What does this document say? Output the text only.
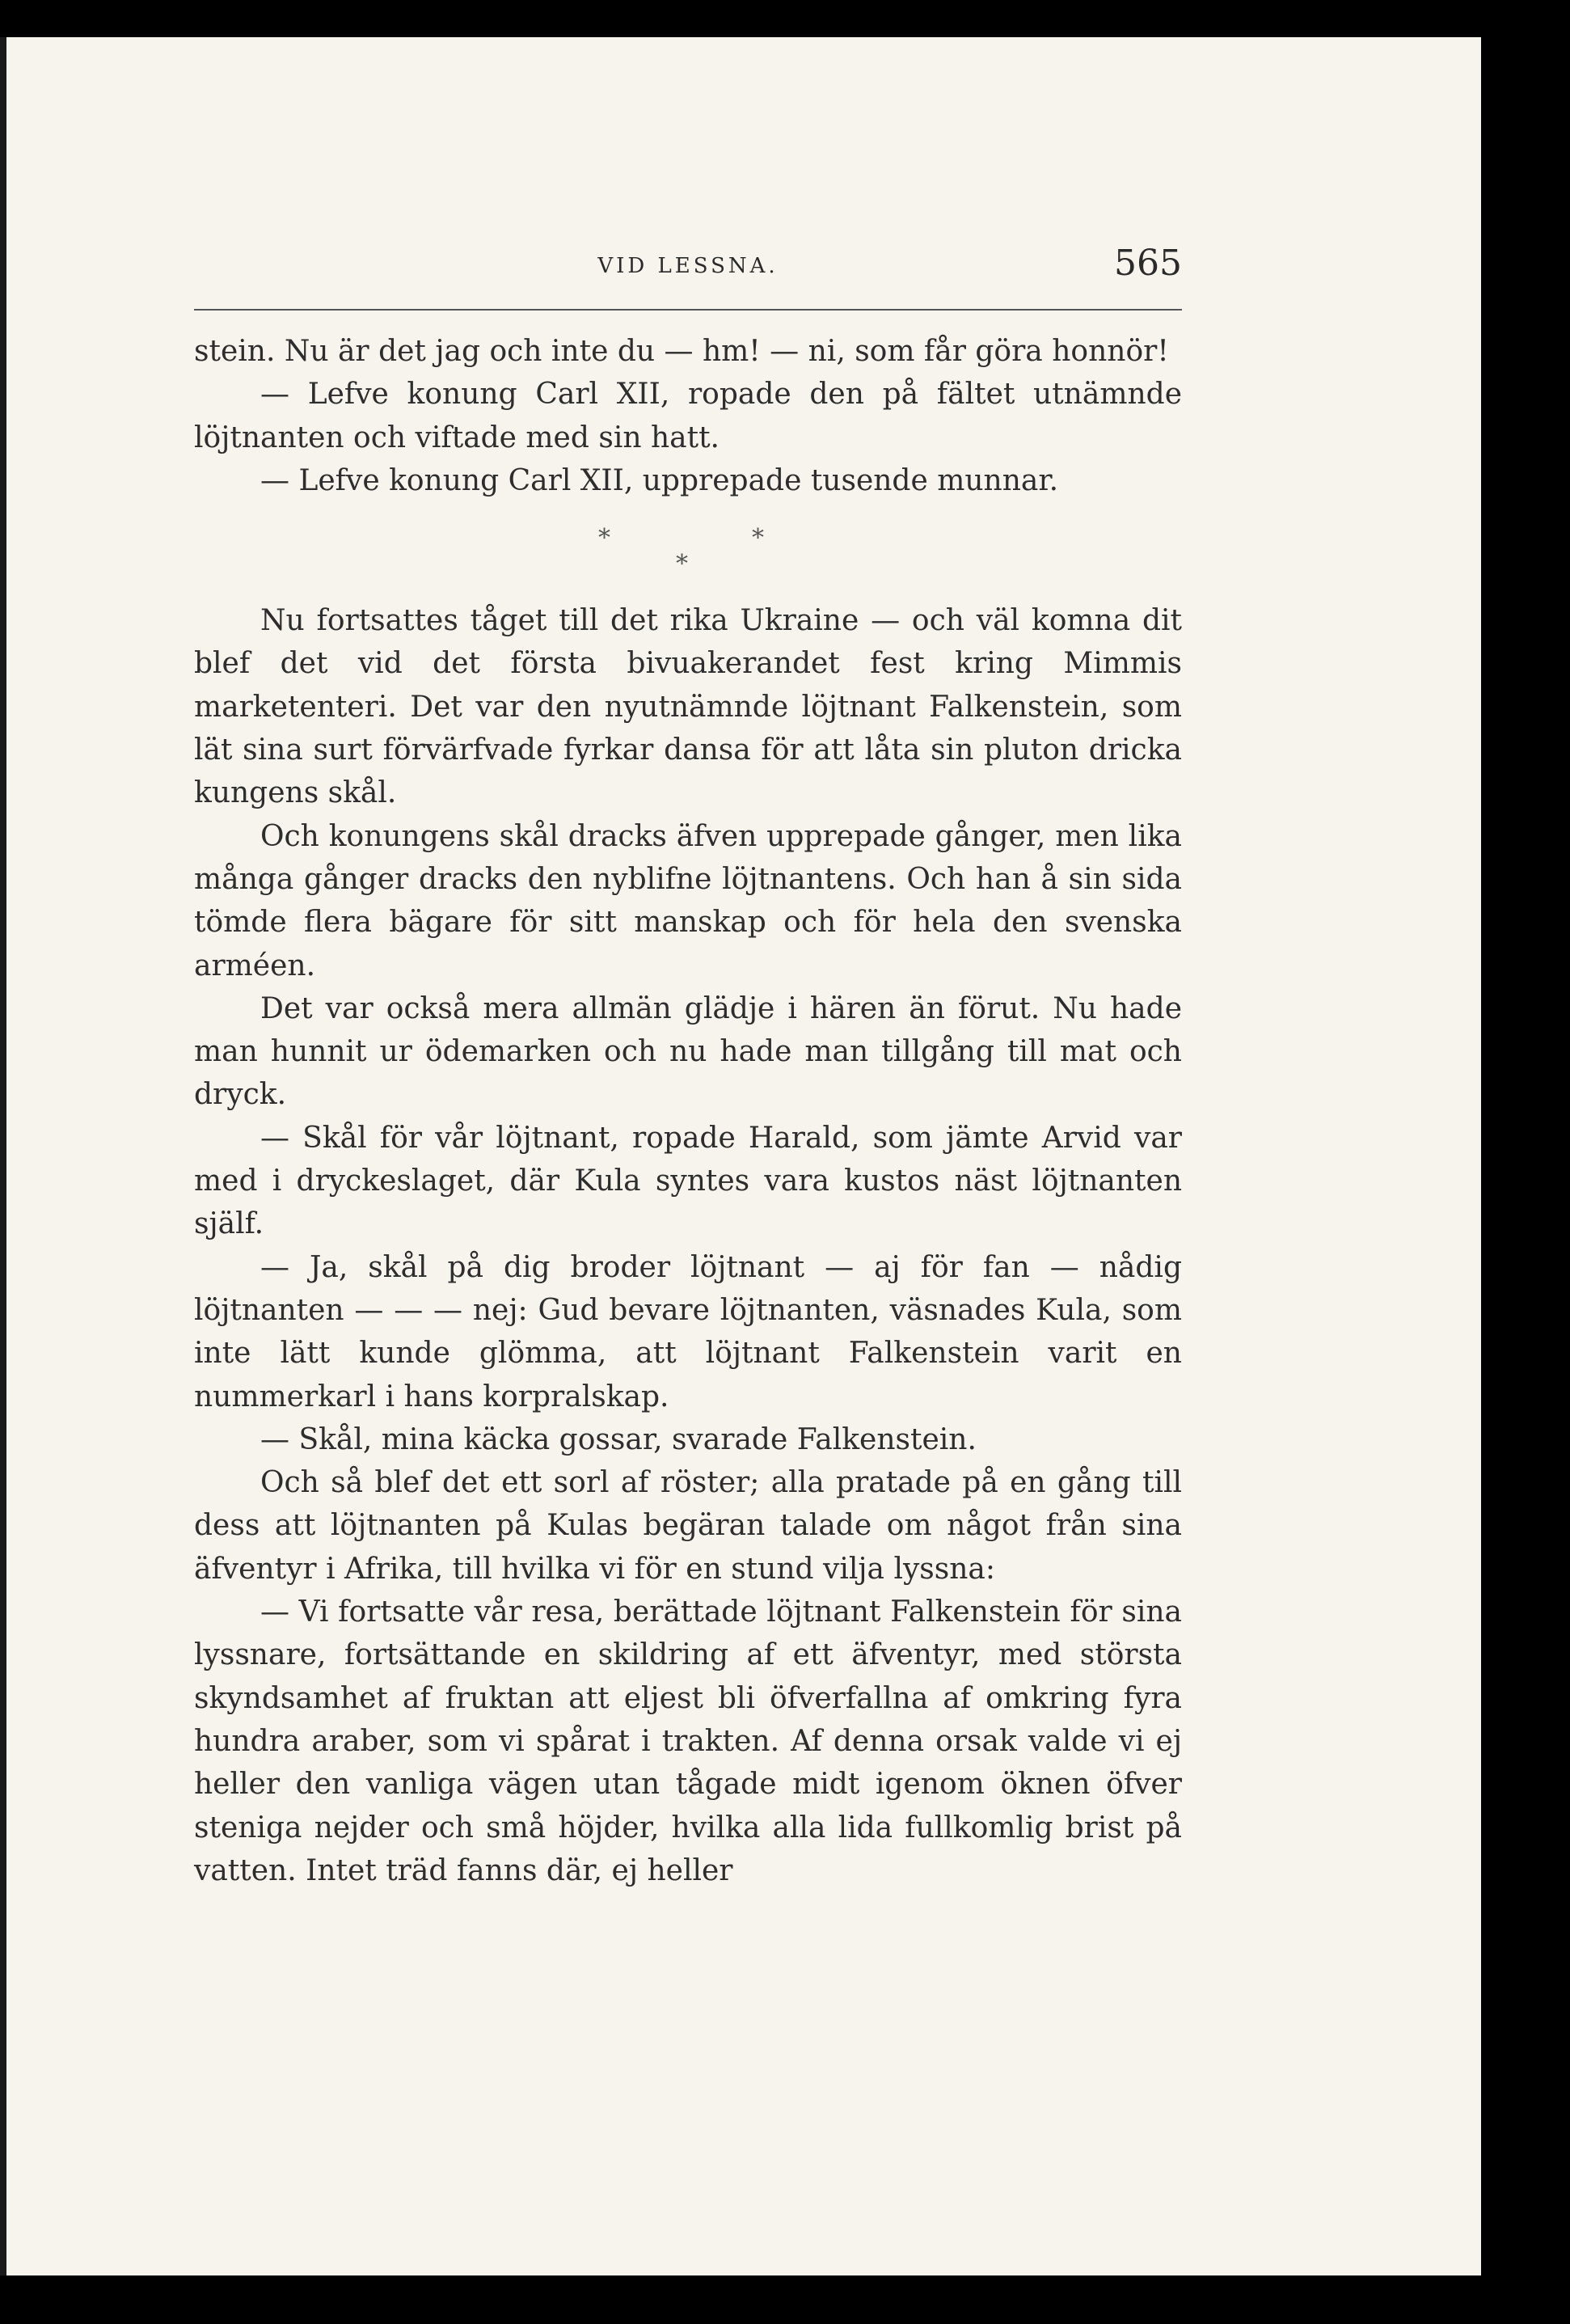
VID LESSNA.	565

stein. Nu är det jag och inte du — hm! — ni, som får göra honnör!

— Lefve konung Carl XII, ropade den på fältet utnämnde löjtnanten och viftade med sin hatt.

— Lefve konung Carl XII, upprepade tusende munnar.

*	*
*

Nu fortsattes tåget till det rika Ukraine — och väl komna dit blef det vid det första bivuakerandet fest kring Mimmis marketenteri. Det var den nyutnämnde löjtnant Falkenstein, som lät sina surt förvärfvade fyrkar dansa för att låta sin pluton dricka kungens skål.

Och konungens skål dracks äfven upprepade gånger, men lika många gånger dracks den nyblifne löjtnantens. Och han å sin sida tömde flera bägare för sitt manskap och för hela den svenska arméen.

Det var också mera allmän glädje i hären än förut. Nu hade man hunnit ur ödemarken och nu hade man tillgång till mat och dryck.

— Skål för vår löjtnant, ropade Harald, som jämte Arvid var med i dryckeslaget, där Kula syntes vara kustos näst löjtnanten själf.

— Ja, skål på dig broder löjtnant — aj för fan — nådig löjtnanten — — — nej: Gud bevare löjtnanten, väsnades Kula, som inte lätt kunde glömma, att löjtnant Falkenstein varit en nummerkarl i hans korpralskap.

— Skål, mina käcka gossar, svarade Falkenstein.

Och så blef det ett sorl af röster; alla pratade på en gång till dess att löjtnanten på Kulas begäran talade om något från sina äfventyr i Afrika, till hvilka vi för en stund vilja lyssna:

— Vi fortsatte vår resa, berättade löjtnant Falkenstein för sina lyssnare, fortsättande en skildring af ett äfventyr, med största skyndsamhet af fruktan att eljest bli öfverfallna af omkring fyra hundra araber, som vi spårat i trakten. Af denna orsak valde vi ej heller den vanliga vägen utan tågade midt igenom öknen öfver steniga nejder och små höjder, hvilka alla lida fullkomlig brist på vatten. Intet träd fanns där, ej heller
